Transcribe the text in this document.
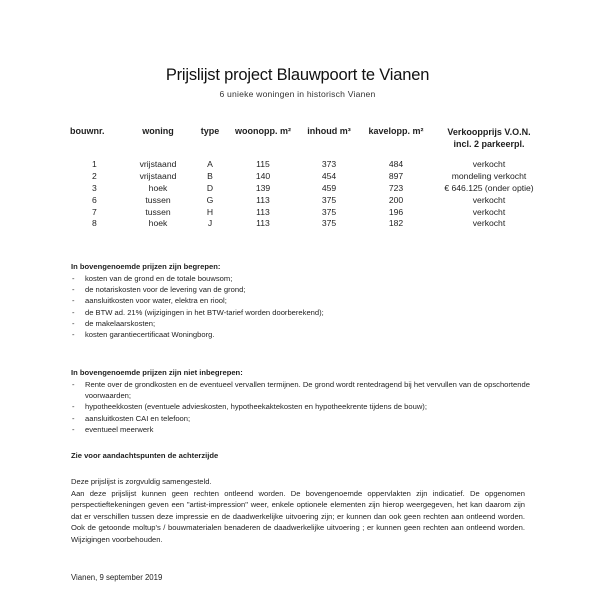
Prijslijst project Blauwpoort te Vianen
6 unieke woningen in historisch Vianen
bouwnr.	woning	type	woonopp. m²	inhoud m³	kavelopp. m²	Verkoopprijs V.O.N.
incl. 2 parkeerpl.

1	vrijstaand	A	115	373	484	verkocht
2	vrijstaand	B	140	454	897	mondeling verkocht
3	hoek	D	139	459	723	€ 646.125 (onder optie)
6	tussen	G	113	375	200	verkocht
7	tussen	H	113	375	196	verkocht
8	hoek	J	113	375	182	verkocht
In bovengenoemde prijzen zijn begrepen:
- kosten van de grond en de totale bouwsom;
- de notariskosten voor de levering van de grond;
- aansluitkosten voor water, elektra en riool;
- de BTW ad. 21% (wijzigingen in het BTW-tarief worden doorberekend);
- de makelaarskosten;
- kosten garantiecertificaat Woningborg.
In bovengenoemde prijzen zijn niet inbegrepen:
- Rente over de grondkosten en de eventueel vervallen termijnen. De grond wordt rentedragend bij het vervullen van de opschortende voorwaarden;
- hypotheekkosten (eventuele advieskosten, hypotheekaktekosten en hypotheekrente tijdens de bouw);
- aansluitkosten CAI en telefoon;
- eventueel meerwerk
Zie voor aandachtspunten de achterzijde

Deze prijslijst is zorgvuldig samengesteld.

Aan deze prijslijst kunnen geen rechten ontleend worden. De bovengenoemde oppervlakten zijn indicatief. De opgenomen perspectieftekeningen geven een "artist-impression" weer, enkele optionele elementen zijn hierop weergegeven, het kan daarom zijn dat er verschillen tussen deze impressie en de daadwerkelijke uitvoering zijn; er kunnen dan ook geen rechten aan ontleend worden. Ook de getoonde moltup's / bouwmaterialen benaderen de daadwerkelijke uitvoering ; er kunnen geen rechten aan ontleend worden. Wijzigingen voorbehouden.

Vianen, 9 september 2019
